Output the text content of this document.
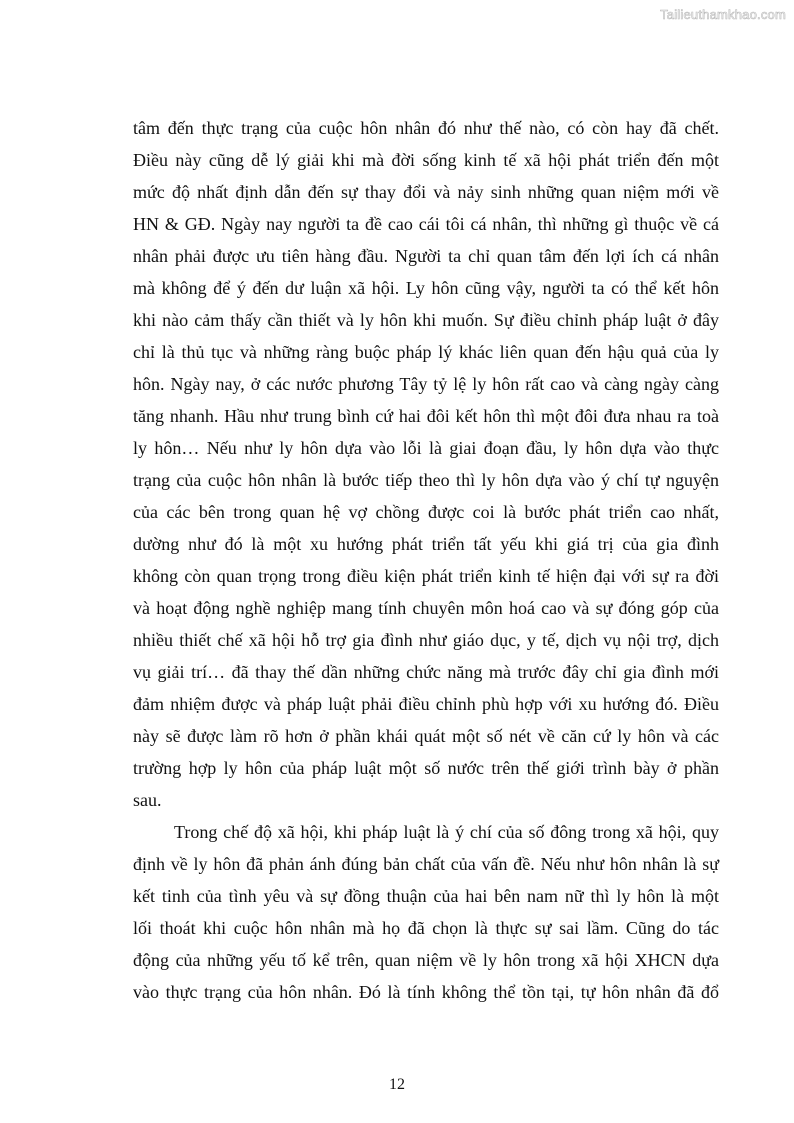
Tailieuthamkhao.com
tâm đến thực trạng của cuộc hôn nhân đó như thế nào, có còn hay đã chết.
Điều này cũng dễ lý giải khi mà đời sống kinh tế xã hội phát triển đến một
mức độ nhất định dẫn đến sự thay đổi và nảy sinh những quan niệm mới về
HN & GĐ. Ngày nay người ta đề cao cái tôi cá nhân, thì những gì thuộc về cá
nhân phải được ưu tiên hàng đầu. Người ta chỉ quan tâm đến lợi ích cá nhân
mà không để ý đến dư luận xã hội. Ly hôn cũng vậy, người ta có thể kết hôn
khi nào cảm thấy cần thiết và ly hôn khi muốn. Sự điều chỉnh pháp luật ở đây
chỉ là thủ tục và những ràng buộc pháp lý khác liên quan đến hậu quả của ly
hôn. Ngày nay, ở các nước phương Tây tỷ lệ ly hôn rất cao và càng ngày càng
tăng nhanh. Hầu như trung bình cứ hai đôi kết hôn thì một đôi đưa nhau ra toà
ly hôn… Nếu như ly hôn dựa vào lỗi là giai đoạn đầu, ly hôn dựa vào thực
trạng của cuộc hôn nhân là bước tiếp theo thì ly hôn dựa vào ý chí tự nguyện
của các bên trong quan hệ vợ chồng được coi là bước phát triển cao nhất,
dường như đó là một xu hướng phát triển tất yếu khi giá trị của gia đình
không còn quan trọng trong điều kiện phát triển kinh tế hiện đại với sự ra đời
và hoạt động nghề nghiệp mang tính chuyên môn hoá cao và sự đóng góp của
nhiều thiết chế xã hội hỗ trợ gia đình như giáo dục, y tế, dịch vụ nội trợ, dịch
vụ giải trí… đã thay thế dần những chức năng mà trước đây chỉ gia đình mới
đảm nhiệm được và pháp luật phải điều chỉnh phù hợp với xu hướng đó. Điều
này sẽ được làm rõ hơn ở phần khái quát một số nét về căn cứ ly hôn và các
trường hợp ly hôn của pháp luật một số nước trên thế giới trình bày ở phần
sau.
Trong chế độ xã hội, khi pháp luật là ý chí của số đông trong xã hội, quy
định về ly hôn đã phản ánh đúng bản chất của vấn đề. Nếu như hôn nhân là sự
kết tinh của tình yêu và sự đồng thuận của hai bên nam nữ thì ly hôn là một
lối thoát khi cuộc hôn nhân mà họ đã chọn là thực sự sai lầm. Cũng do tác
động của những yếu tố kể trên, quan niệm về ly hôn trong xã hội XHCN dựa
vào thực trạng của hôn nhân. Đó là tính không thể tồn tại, tự hôn nhân đã đổ
12
